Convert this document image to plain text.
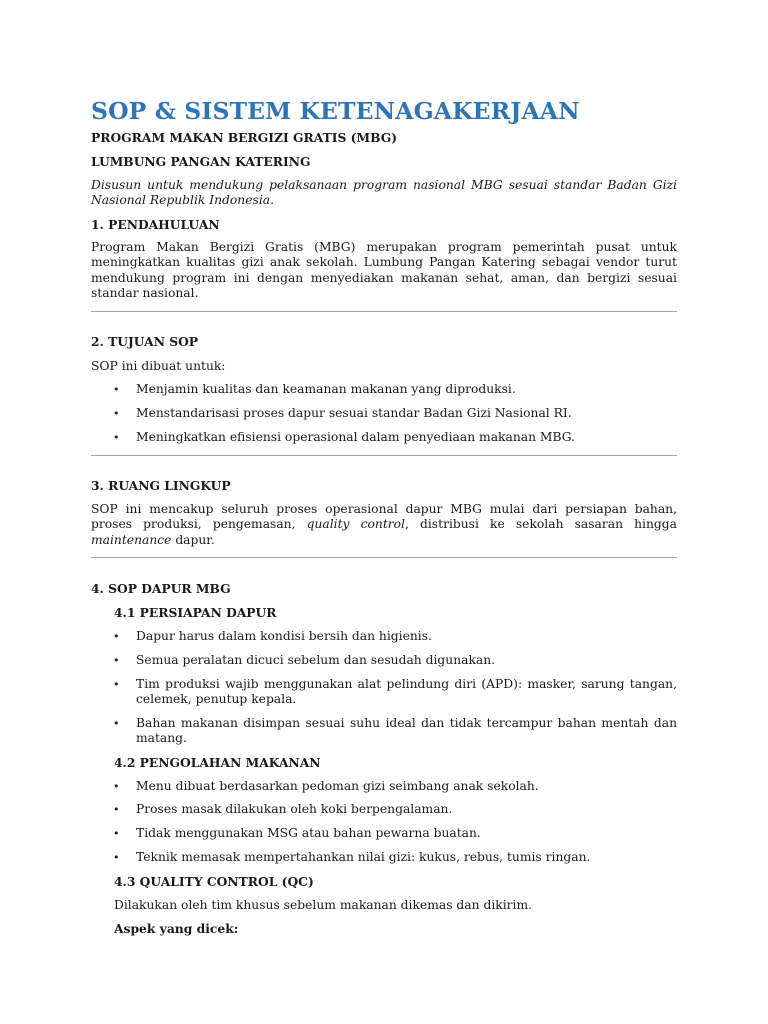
SOP & SISTEM KETENAGAKERJAAN

PROGRAM MAKAN BERGIZI GRATIS (MBG)

LUMBUNG PANGAN KATERING

Disusun untuk mendukung pelaksanaan program nasional MBG sesuai standar Badan Gizi Nasional Republik Indonesia.

1. PENDAHULUAN

Program Makan Bergizi Gratis (MBG) merupakan program pemerintah pusat untuk meningkatkan kualitas gizi anak sekolah. Lumbung Pangan Katering sebagai vendor turut mendukung program ini dengan menyediakan makanan sehat, aman, dan bergizi sesuai standar nasional.

2. TUJUAN SOP

SOP ini dibuat untuk:

• Menjamin kualitas dan keamanan makanan yang diproduksi.
• Menstandarisasi proses dapur sesuai standar Badan Gizi Nasional RI.
• Meningkatkan efisiensi operasional dalam penyediaan makanan MBG.

3. RUANG LINGKUP

SOP ini mencakup seluruh proses operasional dapur MBG mulai dari persiapan bahan, proses produksi, pengemasan, quality control, distribusi ke sekolah sasaran hingga maintenance dapur.

4. SOP DAPUR MBG

4.1 PERSIAPAN DAPUR

• Dapur harus dalam kondisi bersih dan higienis.
• Semua peralatan dicuci sebelum dan sesudah digunakan.
• Tim produksi wajib menggunakan alat pelindung diri (APD): masker, sarung tangan, celemek, penutup kepala.
• Bahan makanan disimpan sesuai suhu ideal dan tidak tercampur bahan mentah dan matang.

4.2 PENGOLAHAN MAKANAN

• Menu dibuat berdasarkan pedoman gizi seimbang anak sekolah.
• Proses masak dilakukan oleh koki berpengalaman.
• Tidak menggunakan MSG atau bahan pewarna buatan.
• Teknik memasak mempertahankan nilai gizi: kukus, rebus, tumis ringan.

4.3 QUALITY CONTROL (QC)

Dilakukan oleh tim khusus sebelum makanan dikemas dan dikirim.

Aspek yang dicek:
